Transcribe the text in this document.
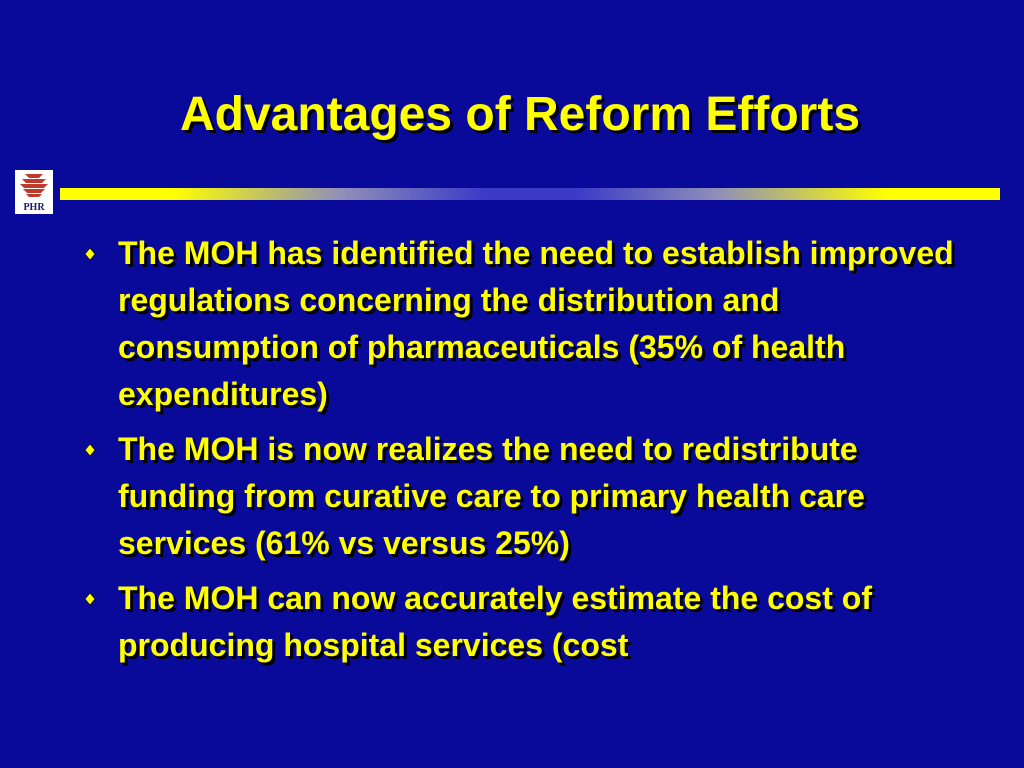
Advantages of Reform Efforts
PHR
The MOH has identified the need to establish improved regulations concerning the distribution and consumption of pharmaceuticals (35% of health expenditures)
The MOH is now realizes the need to redistribute funding from curative care to primary health care services (61% vs versus 25%)
The MOH can now accurately estimate the cost of producing hospital services (cost
